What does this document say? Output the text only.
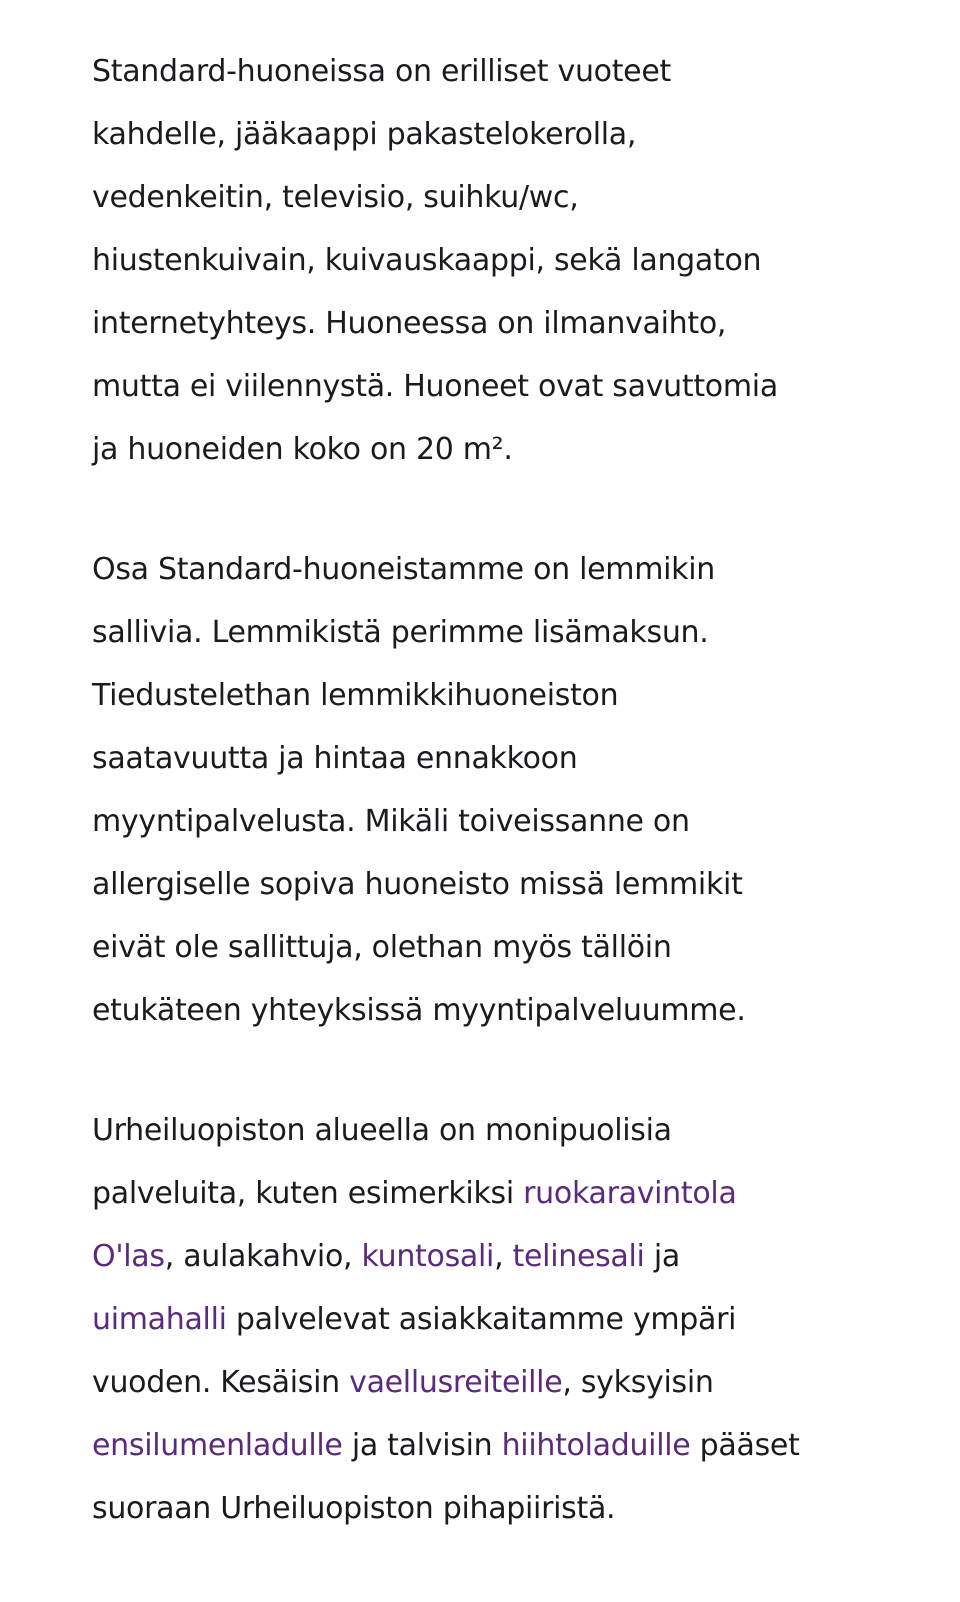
Standard-huoneissa on erilliset vuoteet
kahdelle, jääkaappi pakastelokerolla,
vedenkeitin, televisio, suihku/wc,
hiustenkuivain, kuivauskaappi, sekä langaton
internetyhteys. Huoneessa on ilmanvaihto,
mutta ei viilennystä. Huoneet ovat savuttomia
ja huoneiden koko on 20 m².

Osa Standard-huoneistamme on lemmikin
sallivia. Lemmikistä perimme lisämaksun.
Tiedustelethan lemmikkihuoneiston
saatavuutta ja hintaa ennakkoon
myyntipalvelusta. Mikäli toiveissanne on
allergiselle sopiva huoneisto missä lemmikit
eivät ole sallittuja, olethan myös tällöin
etukäteen yhteyksissä myyntipalveluumme.

Urheiluopiston alueella on monipuolisia
palveluita, kuten esimerkiksi ruokaravintola
O'las, aulakahvio, kuntosali, telinesali ja
uimahalli palvelevat asiakkaitamme ympäri
vuoden. Kesäisin vaellusreiteille, syksyisin
ensilumenladulle ja talvisin hiihtoladuille pääset
suoraan Urheiluopiston pihapiiristä.
